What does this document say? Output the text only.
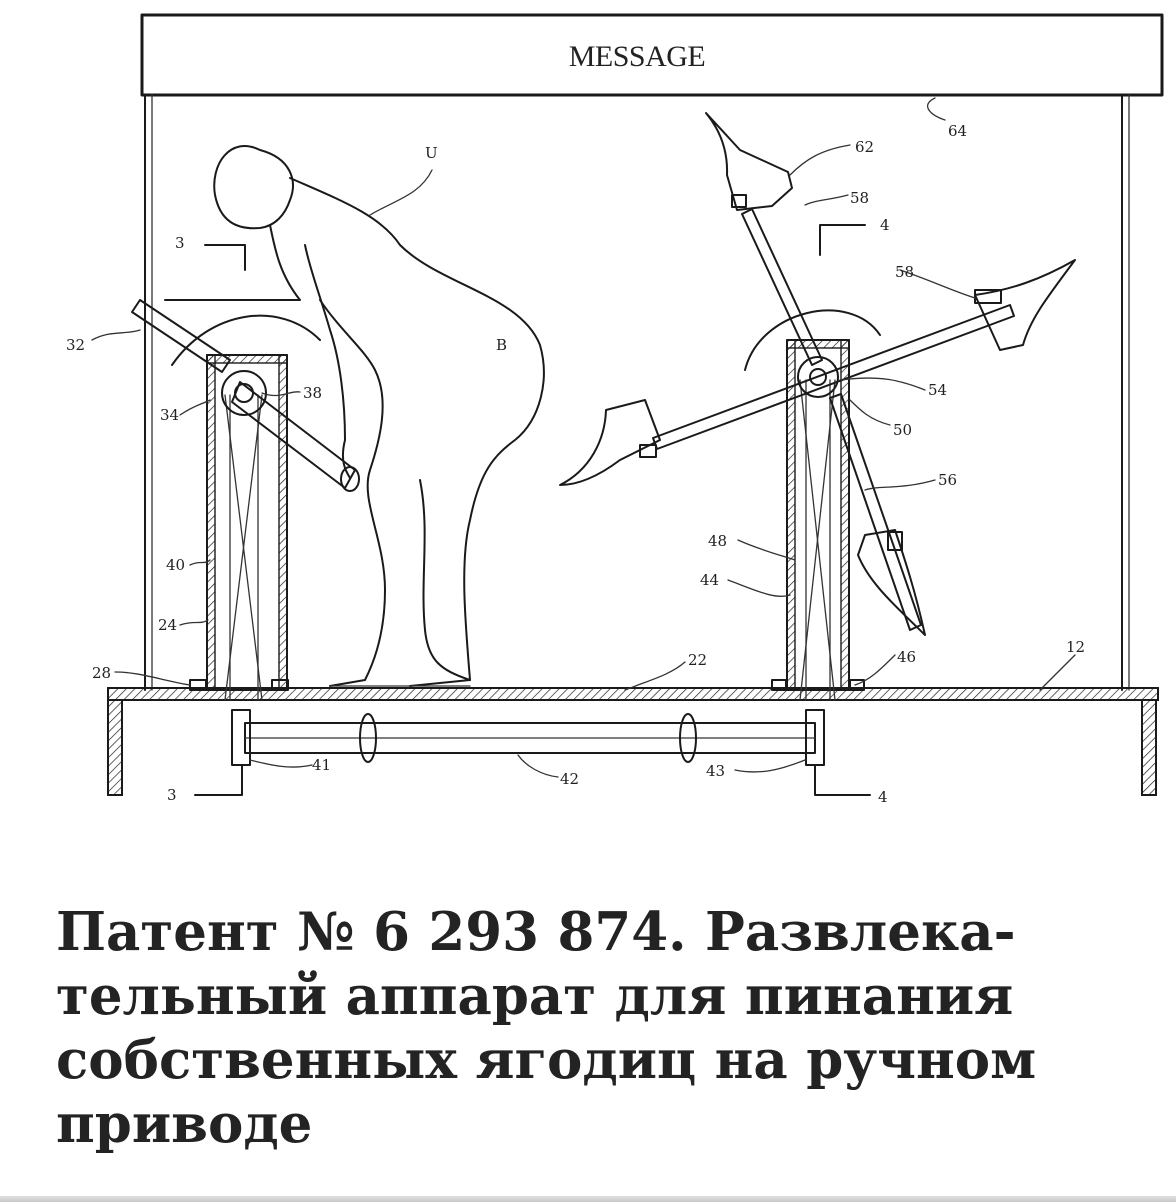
MESSAGE
U
B
3
3
4
4
12
22
24
28
32
34
38
40
41
42	43
44
46
48
50
54
56
58
58
62
64
Патент № 6 293 874. Развлека-
тельный аппарат для пинания
собственных ягодиц на ручном
приводе
